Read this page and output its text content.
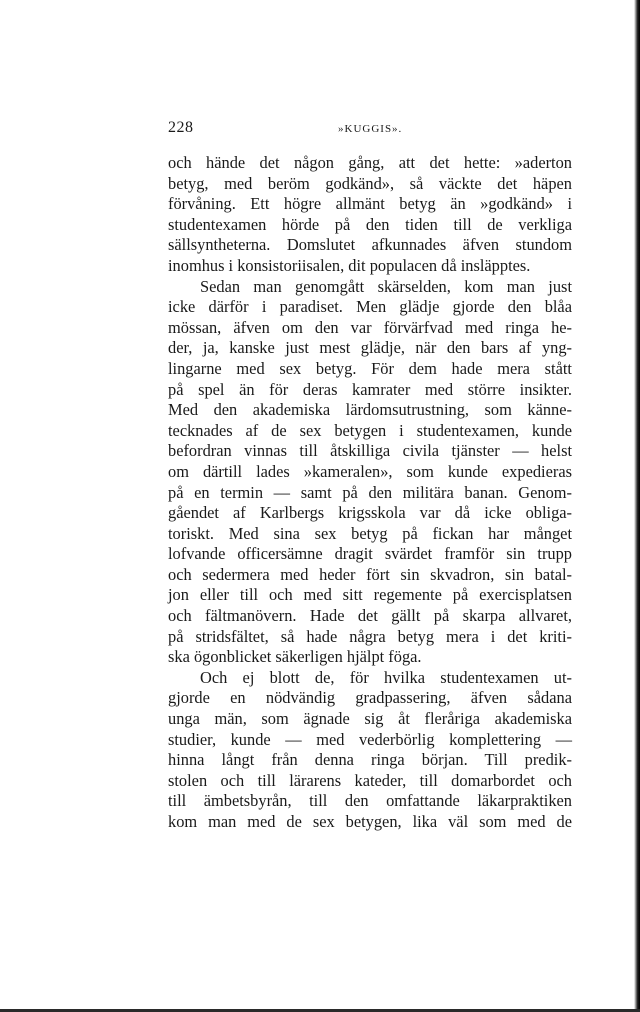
228	»KUGGIS».
och hände det någon gång, att det hette: »aderton
betyg, med beröm godkänd», så väckte det häpen
förvåning. Ett högre allmänt betyg än »godkänd» i
studentexamen hörde på den tiden till de verkliga
sällsyntheterna. Domslutet afkunnades äfven stundom
inomhus i konsistoriisalen, dit populacen då insläpptes.
Sedan man genomgått skärselden, kom man just
icke därför i paradiset. Men glädje gjorde den blåa
mössan, äfven om den var förvärfvad med ringa he-
der, ja, kanske just mest glädje, när den bars af yng-
lingarne med sex betyg. För dem hade mera stått
på spel än för deras kamrater med större insikter.
Med den akademiska lärdomsutrustning, som känne-
tecknades af de sex betygen i studentexamen, kunde
befordran vinnas till åtskilliga civila tjänster — helst
om därtill lades »kameralen», som kunde expedieras
på en termin — samt på den militära banan. Genom-
gåendet af Karlbergs krigsskola var då icke obliga-
toriskt. Med sina sex betyg på fickan har månget
lofvande officersämne dragit svärdet framför sin trupp
och sedermera med heder fört sin skvadron, sin batal-
jon eller till och med sitt regemente på exercisplatsen
och fältmanövern. Hade det gällt på skarpa allvaret,
på stridsfältet, så hade några betyg mera i det kriti-
ska ögonblicket säkerligen hjälpt föga.
Och ej blott de, för hvilka studentexamen ut-
gjorde en nödvändig gradpassering, äfven sådana
unga män, som ägnade sig åt fleråriga akademiska
studier, kunde — med vederbörlig komplettering —
hinna långt från denna ringa början. Till predik-
stolen och till lärarens kateder, till domarbordet och
till ämbetsbyrån, till den omfattande läkarpraktiken
kom man med de sex betygen, lika väl som med de
